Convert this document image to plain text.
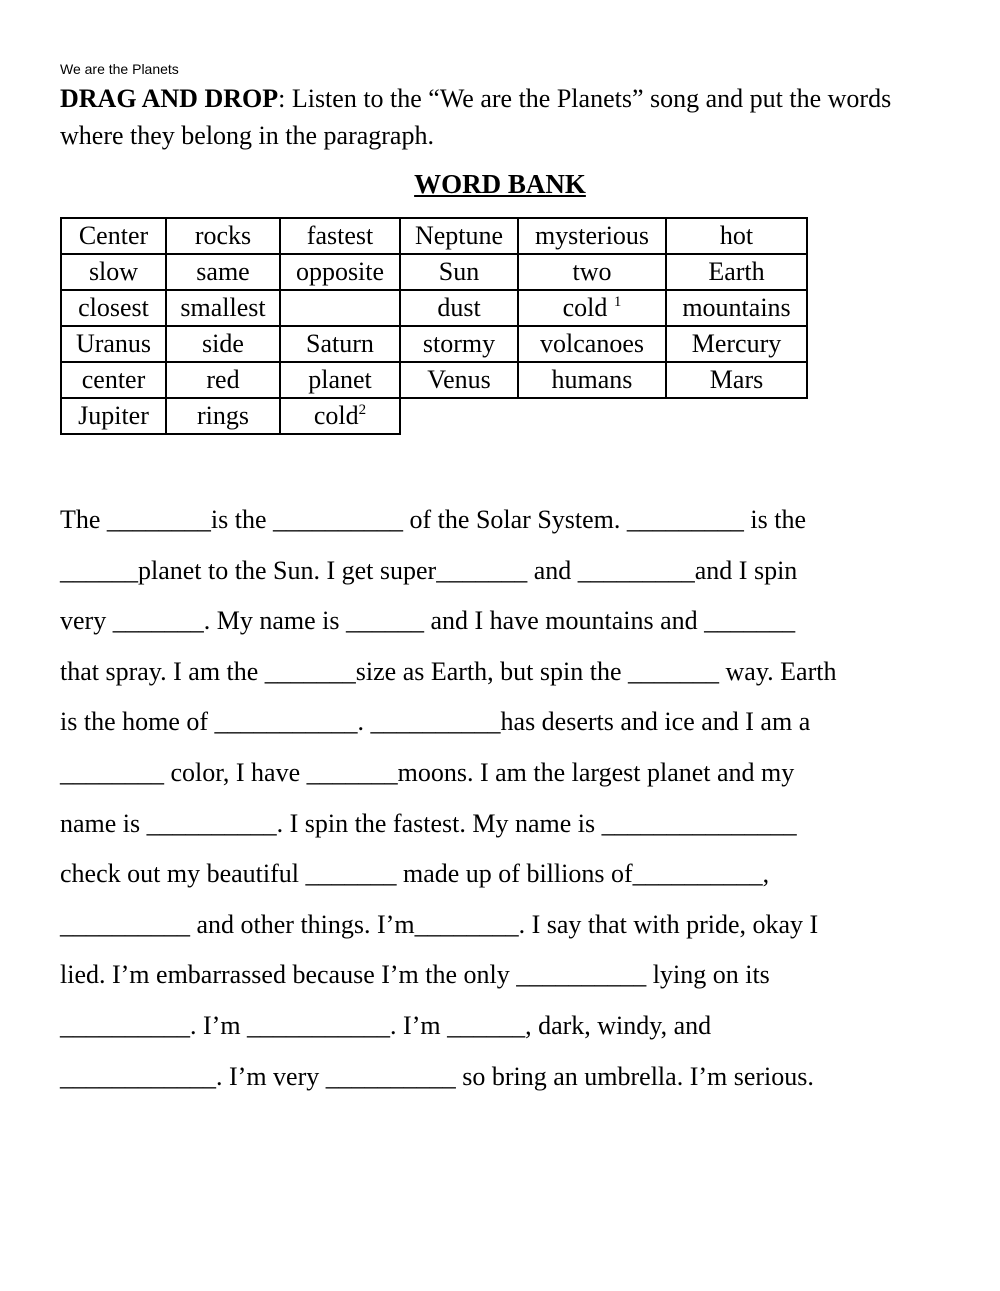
We are the Planets
DRAG AND DROP: Listen to the “We are the Planets” song and put the words where they belong in the paragraph.
WORD BANK
Center	rocks	fastest	Neptune	mysterious	hot
slow	same	opposite	Sun	two	Earth
closest	smallest		dust	cold $^1$	mountains
Uranus	side	Saturn	stormy	volcanoes	Mercury
center	red	planet	Venus	humans	Mars
Jupiter	rings	cold$^2$			
The ________is the __________ of the Solar System. _________ is the
______planet to the Sun. I get super_______ and _________and I spin
very _______. My name is ______ and I have mountains and _______
that spray. I am the _______size as Earth, but spin the _______ way. Earth
is the home of ___________. __________has deserts and ice and I am a
________ color, I have _______moons. I am the largest planet and my
name is __________. I spin the fastest. My name is _______________
check out my beautiful _______ made up of billions of__________,
__________ and other things. I’m________. I say that with pride, okay I
lied. I’m embarrassed because I’m the only __________ lying on its
__________. I’m ___________. I’m ______, dark, windy, and
____________. I’m very __________ so bring an umbrella. I’m serious.
